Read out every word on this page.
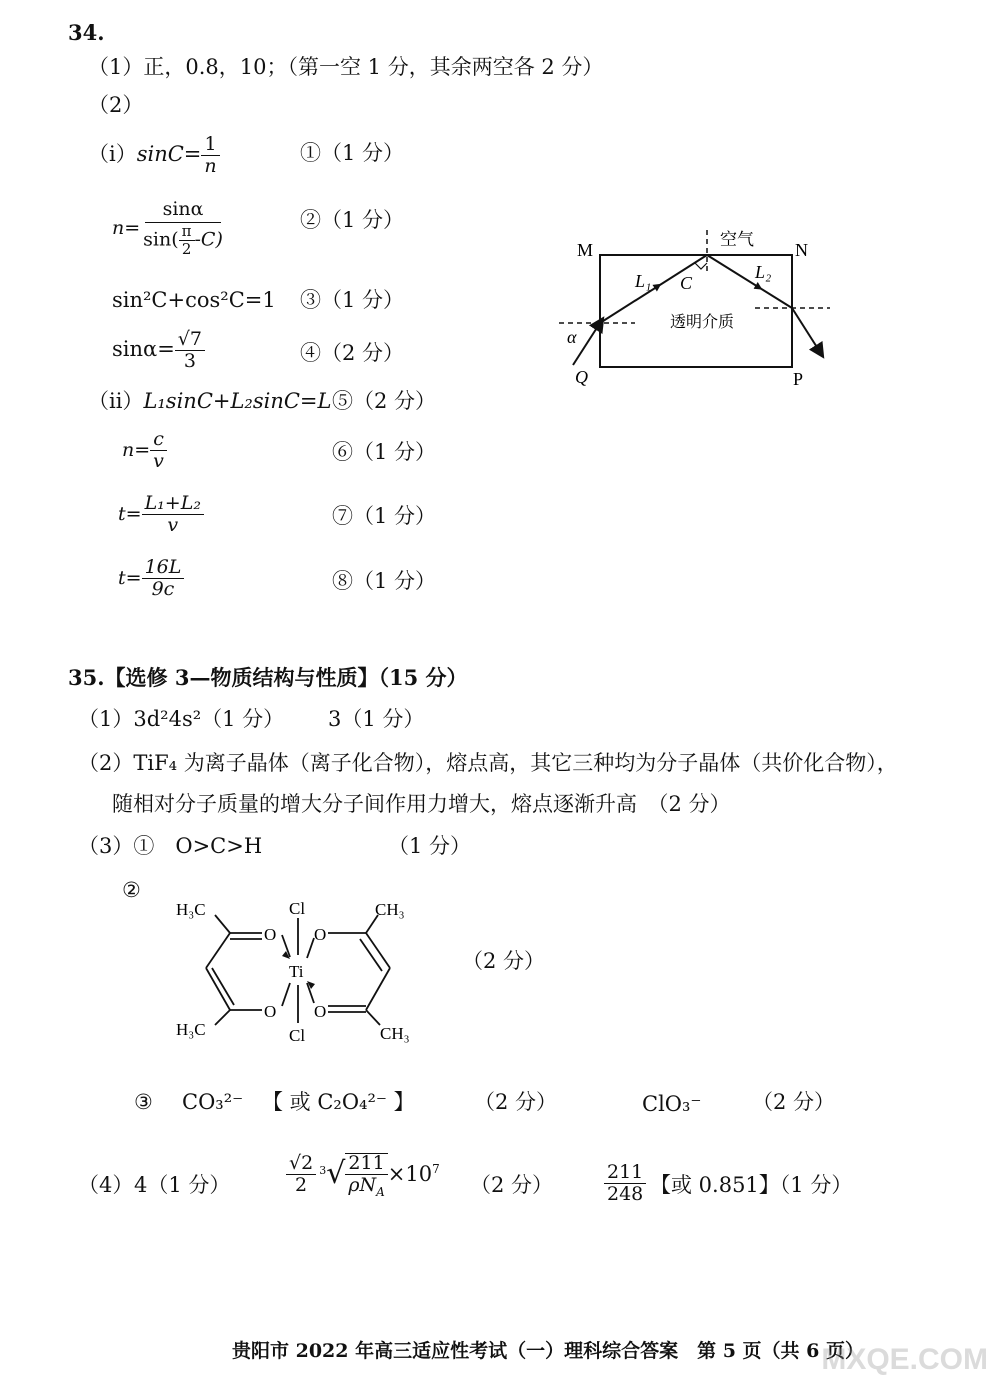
34.
（1）正，0.8，10；（第一空 1 分，其余两空各 2 分）
（2）
$(i)\sin C= \frac{1}{n}$	①（1 分）
$n= \frac{\sin\alpha}{\sin( \frac{\pi}{2} -C)}$	②（1 分）
sin²C+cos²C=1 ③（1 分）
$\sin\alpha= \frac{√7}{3}$	④（2 分）
（ii）L₁sinC+L₂sinC=L ⑤（2 分）
$n= \frac{c}{v}$	⑥（1 分）
$t= \frac{\text{L₁+L₂}}{v}$	⑦（1 分）
$t= \frac{16L}{9c}$	⑧（1 分）
M	N
Q	P
空气
透明介质
L₁	L₂
C
α
35.【选修 3—物质结构与性质】（15 分）
（1）3d²4s²（1 分） 3（1 分）
（2）TiF₄ 为离子晶体（离子化合物），熔点高，其它三种均为分子晶体（共价化合物），
随相对分子质量的增大分子间作用力增大，熔点逐渐升高　（2 分）
（3）①　O>C>H	（1 分）
②
H₃C
H₃C
CH₃
CH₃
Cl
Cl
Ti
O O
O O
（2 分）
③ CO₃²⁻ 【 或 C₂O₄²⁻ 】	（2 分）	ClO₃⁻ （2 分）
（4） 4（1 分）	$\frac{√2}{2} ^3√ \frac{211}{\rho N_A} \times 10^7$
（2 分）	$\frac{211}{248}$ 【或 0.851】（1 分）
贵阳市 2022 年高三适应性考试（一）理科综合答案　第 5 页（共 6 页）
MXQE.COM
